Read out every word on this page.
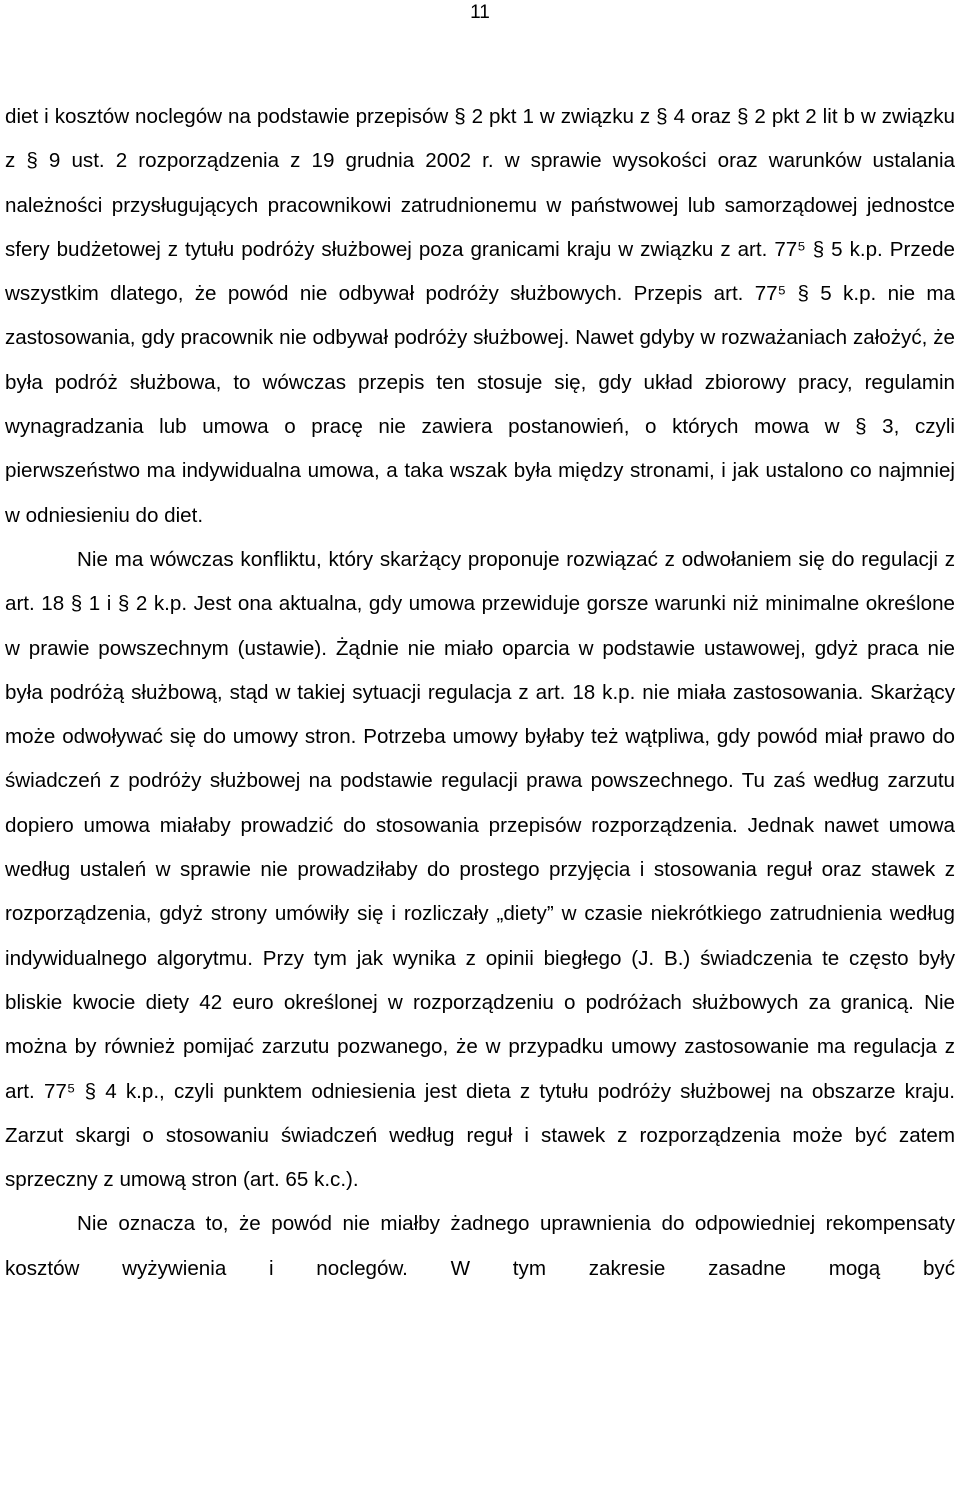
11

diet i kosztów noclegów na podstawie przepisów § 2 pkt 1 w związku z § 4 oraz § 2 pkt 2 lit b w związku z § 9 ust. 2 rozporządzenia z 19 grudnia 2002 r. w sprawie wysokości oraz warunków ustalania należności przysługujących pracownikowi zatrudnionemu w państwowej lub samorządowej jednostce sfery budżetowej z tytułu podróży służbowej poza granicami kraju w związku z art. 77⁵ § 5 k.p. Przede wszystkim dlatego, że powód nie odbywał podróży służbowych. Przepis art. 77⁵ § 5 k.p. nie ma zastosowania, gdy pracownik nie odbywał podróży służbowej. Nawet gdyby w rozważaniach założyć, że była podróż służbowa, to wówczas przepis ten stosuje się, gdy układ zbiorowy pracy, regulamin wynagradzania lub umowa o pracę nie zawiera postanowień, o których mowa w § 3, czyli pierwszeństwo ma indywidualna umowa, a taka wszak była między stronami, i jak ustalono co najmniej w odniesieniu do diet.

Nie ma wówczas konfliktu, który skarżący proponuje rozwiązać z odwołaniem się do regulacji z art. 18 § 1 i § 2 k.p. Jest ona aktualna, gdy umowa przewiduje gorsze warunki niż minimalne określone w prawie powszechnym (ustawie). Żądnie nie miało oparcia w podstawie ustawowej, gdyż praca nie była podróżą służbową, stąd w takiej sytuacji regulacja z art. 18 k.p. nie miała zastosowania. Skarżący może odwoływać się do umowy stron. Potrzeba umowy byłaby też wątpliwa, gdy powód miał prawo do świadczeń z podróży służbowej na podstawie regulacji prawa powszechnego. Tu zaś według zarzutu dopiero umowa miałaby prowadzić do stosowania przepisów rozporządzenia. Jednak nawet umowa według ustaleń w sprawie nie prowadziłaby do prostego przyjęcia i stosowania reguł oraz stawek z rozporządzenia, gdyż strony umówiły się i rozliczały „diety” w czasie niekrótkiego zatrudnienia według indywidualnego algorytmu. Przy tym jak wynika z opinii biegłego (J. B.) świadczenia te często były bliskie kwocie diety 42 euro określonej w rozporządzeniu o podróżach służbowych za granicą. Nie można by również pomijać zarzutu pozwanego, że w przypadku umowy zastosowanie ma regulacja z art. 77⁵ § 4 k.p., czyli punktem odniesienia jest dieta z tytułu podróży służbowej na obszarze kraju. Zarzut skargi o stosowaniu świadczeń według reguł i stawek z rozporządzenia może być zatem sprzeczny z umową stron (art. 65 k.c.).

Nie oznacza to, że powód nie miałby żadnego uprawnienia do odpowiedniej rekompensaty kosztów wyżywienia i noclegów. W tym zakresie zasadne mogą być
